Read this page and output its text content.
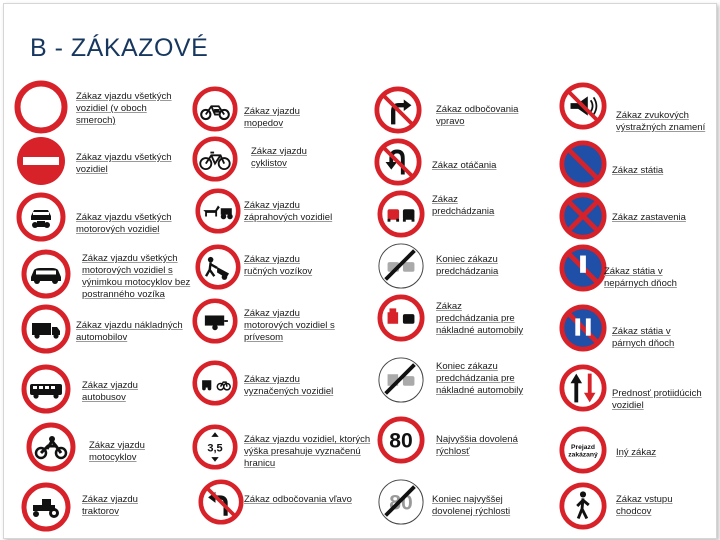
B - ZÁKAZOVÉ
Zákaz vjazdu všetkých vozidiel (v oboch smeroch)
Zákaz vjazdu všetkých vozidiel
Zákaz vjazdu všetkých motorových vozidiel
Zákaz vjazdu všetkých motorových vozidiel s výnimkou motocyklov bez postranného vozíka
Zákaz vjazdu nákladných automobilov
Zákaz vjazdu autobusov
Zákaz vjazdu motocyklov
Zákaz vjazdu traktorov
Zákaz vjazdu mopedov
Zákaz vjazdu cyklistov
Zákaz vjazdu záprahových vozidiel
Zákaz vjazdu ručných vozíkov
Zákaz vjazdu motorových vozidiel s prívesom
Zákaz vjazdu vyznačených vozidiel
3,5
Zákaz vjazdu vozidiel, ktorých výška presahuje vyznačenú hranicu
Zákaz odbočovania vľavo
Zákaz odbočovania vpravo
Zákaz otáčania
Zákaz predchádzania
Koniec zákazu predchádzania
Zákaz predchádzania pre nákladné automobily
Koniec zákazu predchádzania pre nákladné automobily
80 Najvyššia dovolená rýchlosť
80 Koniec najvyššej dovolenej rýchlosti
Zákaz zvukových výstražných znamení
Zákaz státia
Zákaz zastavenia
Zákaz státia v nepárnych dňoch
Zákaz státia v párnych dňoch
Prednosť protiidúcich vozidiel
Prejazd
zakázaný Iný zákaz
Zákaz vstupu chodcov
